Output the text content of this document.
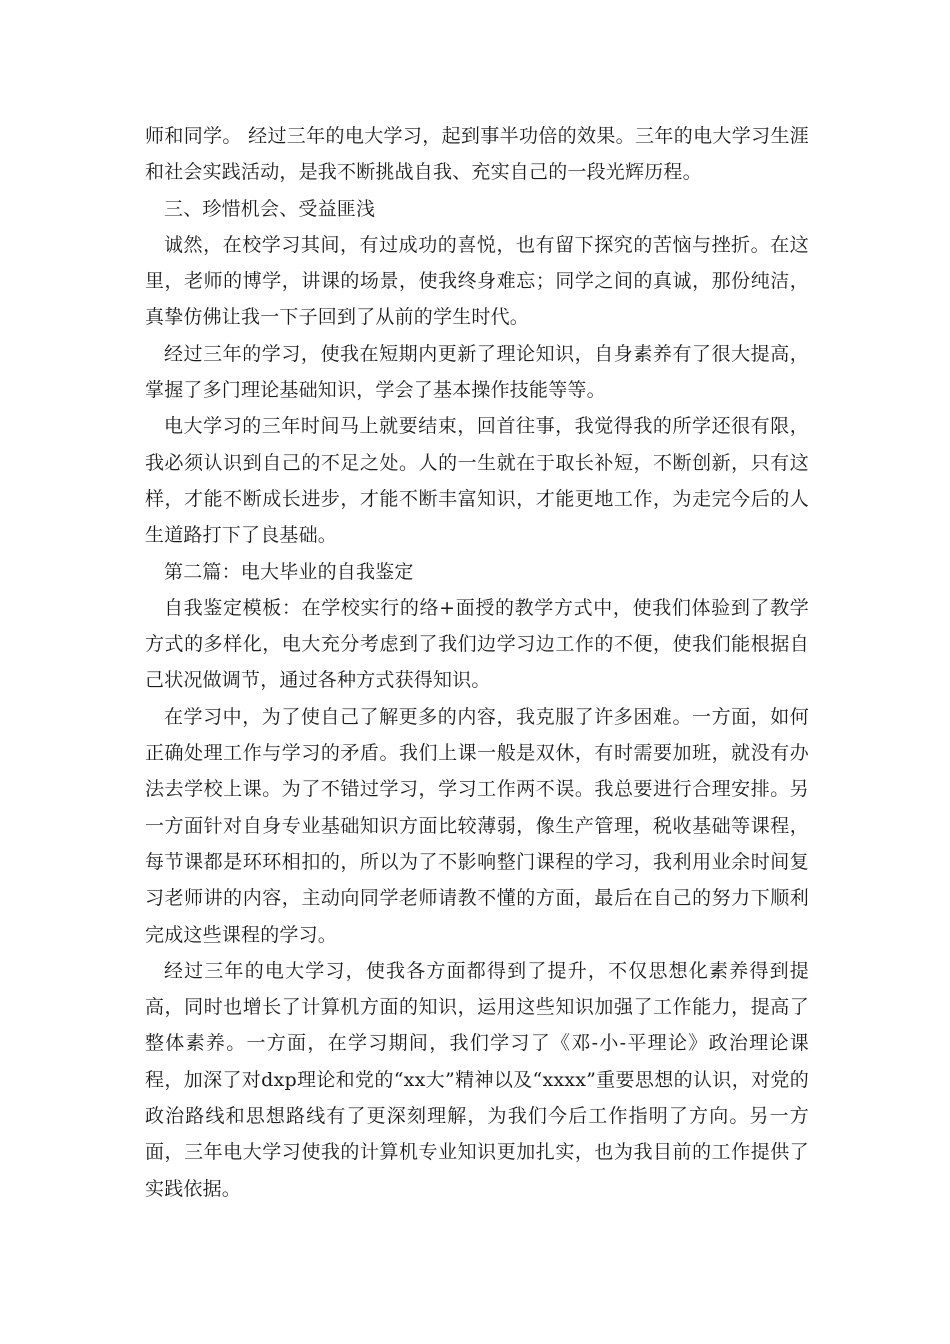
师和同学。 经过三年的电大学习，起到事半功倍的效果。三年的电大学习生涯和社会实践活动，是我不断挑战自我、充实自己的一段光辉历程。

三、珍惜机会、受益匪浅

诚然，在校学习其间，有过成功的喜悦，也有留下探究的苦恼与挫折。在这里，老师的博学，讲课的场景，使我终身难忘；同学之间的真诚，那份纯洁，真挚仿佛让我一下子回到了从前的学生时代。

经过三年的学习，使我在短期内更新了理论知识，自身素养有了很大提高，掌握了多门理论基础知识，学会了基本操作技能等等。

电大学习的三年时间马上就要结束，回首往事，我觉得我的所学还很有限，我必须认识到自己的不足之处。人的一生就在于取长补短，不断创新，只有这样，才能不断成长进步，才能不断丰富知识，才能更地工作，为走完今后的人生道路打下了良基础。

第二篇：电大毕业的自我鉴定

自我鉴定模板：在学校实行的络+面授的教学方式中，使我们体验到了教学方式的多样化，电大充分考虑到了我们边学习边工作的不便，使我们能根据自己状况做调节，通过各种方式获得知识。

在学习中，为了使自己了解更多的内容，我克服了许多困难。一方面，如何正确处理工作与学习的矛盾。我们上课一般是双休，有时需要加班，就没有办法去学校上课。为了不错过学习，学习工作两不误。我总要进行合理安排。另一方面针对自身专业基础知识方面比较薄弱，像生产管理，税收基础等课程，每节课都是环环相扣的，所以为了不影响整门课程的学习，我利用业余时间复习老师讲的内容，主动向同学老师请教不懂的方面，最后在自己的努力下顺利完成这些课程的学习。

经过三年的电大学习，使我各方面都得到了提升，不仅思想化素养得到提高，同时也增长了计算机方面的知识，运用这些知识加强了工作能力，提高了整体素养。一方面，在学习期间，我们学习了《邓-小-平理论》政治理论课程，加深了对dxp理论和党的“xx大”精神以及“xxxx”重要思想的认识，对党的政治路线和思想路线有了更深刻理解，为我们今后工作指明了方向。另一方面，三年电大学习使我的计算机专业知识更加扎实，也为我目前的工作提供了实践依据。
